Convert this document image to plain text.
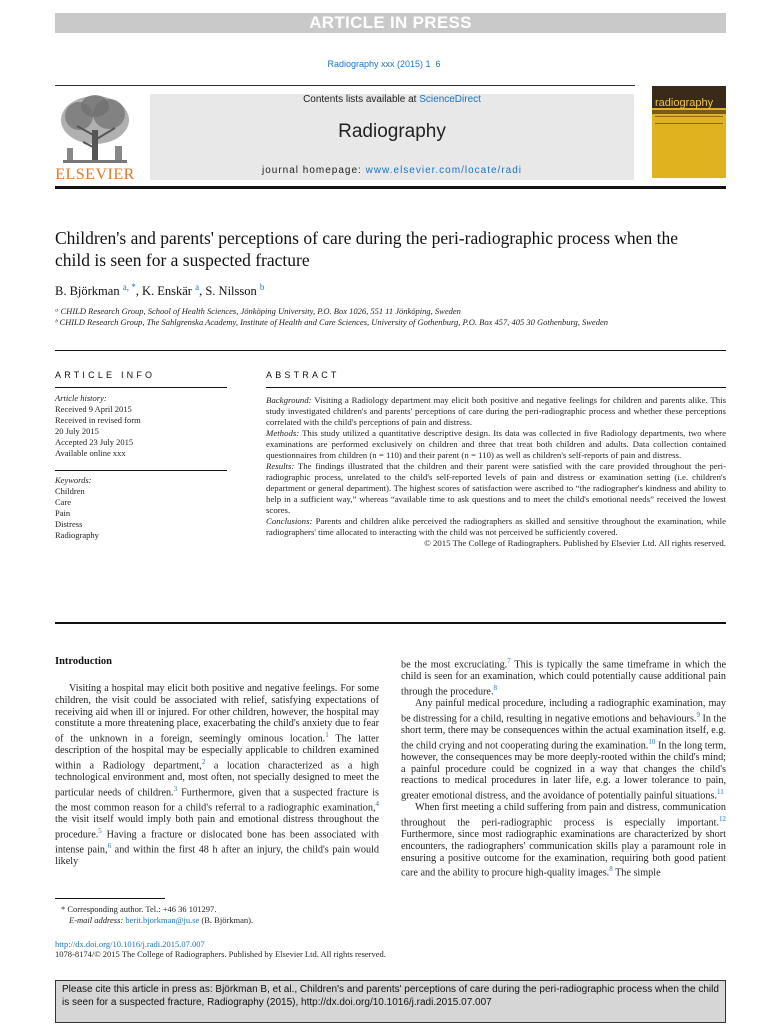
ARTICLE IN PRESS
Radiography xxx (2015) 1  6
ELSEVIER
Contents lists available at ScienceDirect
Radiography
journal homepage: www.elsevier.com/locate/radi
radiography
Children's and parents' perceptions of care during the peri-radiographic process when the child is seen for a suspected fracture
B. Björkman $^{a, *}$, K. Enskär $^a$, S. Nilsson $^b$
ᵃ CHILD Research Group, School of Health Sciences, Jönköping University, P.O. Box 1026, 551 11 Jönköping, Sweden
ᵇ CHILD Research Group, The Sahlgrenska Academy, Institute of Health and Care Sciences, University of Gothenburg, P.O. Box 457, 405 30 Gothenburg, Sweden
ARTICLE INFO
Article history:
Received 9 April 2015
Received in revised form
20 July 2015
Accepted 23 July 2015
Available online xxx
Keywords:
Children
Care
Pain
Distress
Radiography
ABSTRACT

Background: Visiting a Radiology department may elicit both positive and negative feelings for children and parents alike. This study investigated children's and parents' perceptions of care during the peri-radiographic process and whether these perceptions correlated with the child's perceptions of pain and distress.

Methods: This study utilized a quantitative descriptive design. Its data was collected in five Radiology departments, two where examinations are performed exclusively on children and three that treat both children and adults. Data collection contained questionnaires from children (n = 110) and their parent (n = 110) as well as children's self-reports of pain and distress.

Results: The findings illustrated that the children and their parent were satisfied with the care provided throughout the peri-radiographic process, unrelated to the child's self-reported levels of pain and distress or examination setting (i.e. children's department or general department). The highest scores of satisfaction were ascribed to “the radiographer's kindness and ability to help in a sufficient way,” whereas “available time to ask questions and to meet the child's emotional needs” received the lowest scores.

Conclusions: Parents and children alike perceived the radiographers as skilled and sensitive throughout the examination, while radiographers' time allocated to interacting with the child was not perceived be sufficiently covered.

© 2015 The College of Radiographers. Published by Elsevier Ltd. All rights reserved.

Introduction

Visiting a hospital may elicit both positive and negative feelings. For some children, the visit could be associated with relief, satisfying expectations of receiving aid when ill or injured. For other children, however, the hospital may constitute a more threatening place, exacerbating the child's anxiety due to fear of the unknown in a foreign, seemingly ominous location.$^1$ The latter description of the hospital may be especially applicable to children examined within a Radiology department,$^2$ a location characterized as a high technological environment and, most often, not specially designed to meet the particular needs of children.$^3$ Furthermore, given that a suspected fracture is the most common reason for a child's referral to a radiographic examination,$^4$ the visit itself would imply both pain and emotional distress throughout the procedure.$^5$ Having a fracture or dislocated bone has been associated with intense pain,$^6$ and within the first 48 h after an injury, the child's pain would likely

be the most excruciating.$^7$ This is typically the same timeframe in which the child is seen for an examination, which could potentially cause additional pain through the procedure.$^8$

Any painful medical procedure, including a radiographic examination, may be distressing for a child, resulting in negative emotions and behaviours.$^9$ In the short term, there may be consequences within the actual examination itself, e.g. the child crying and not cooperating during the examination.$^{10}$ In the long term, however, the consequences may be more deeply-rooted within the child's mind; a painful procedure could be cognized in a way that changes the child's reactions to medical procedures in later life, e.g. a lower tolerance to pain, greater emotional distress, and the avoidance of potentially painful situations.$^{11}$

When first meeting a child suffering from pain and distress, communication throughout the peri-radiographic process is especially important.$^{12}$ Furthermore, since most radiographic examinations are characterized by short encounters, the radiographers' communication skills play a paramount role in ensuring a positive outcome for the examination, requiring both good patient care and the ability to procure high-quality images.$^8$ The simple

* Corresponding author. Tel.: +46 36 101297.
E-mail address: berit.bjorkman@ju.se (B. Björkman).
http://dx.doi.org/10.1016/j.radi.2015.07.007
1078-8174/© 2015 The College of Radiographers. Published by Elsevier Ltd. All rights reserved.
Please cite this article in press as: Björkman B, et al., Children's and parents' perceptions of care during the peri-radiographic process when the child is seen for a suspected fracture, Radiography (2015), http://dx.doi.org/10.1016/j.radi.2015.07.007
